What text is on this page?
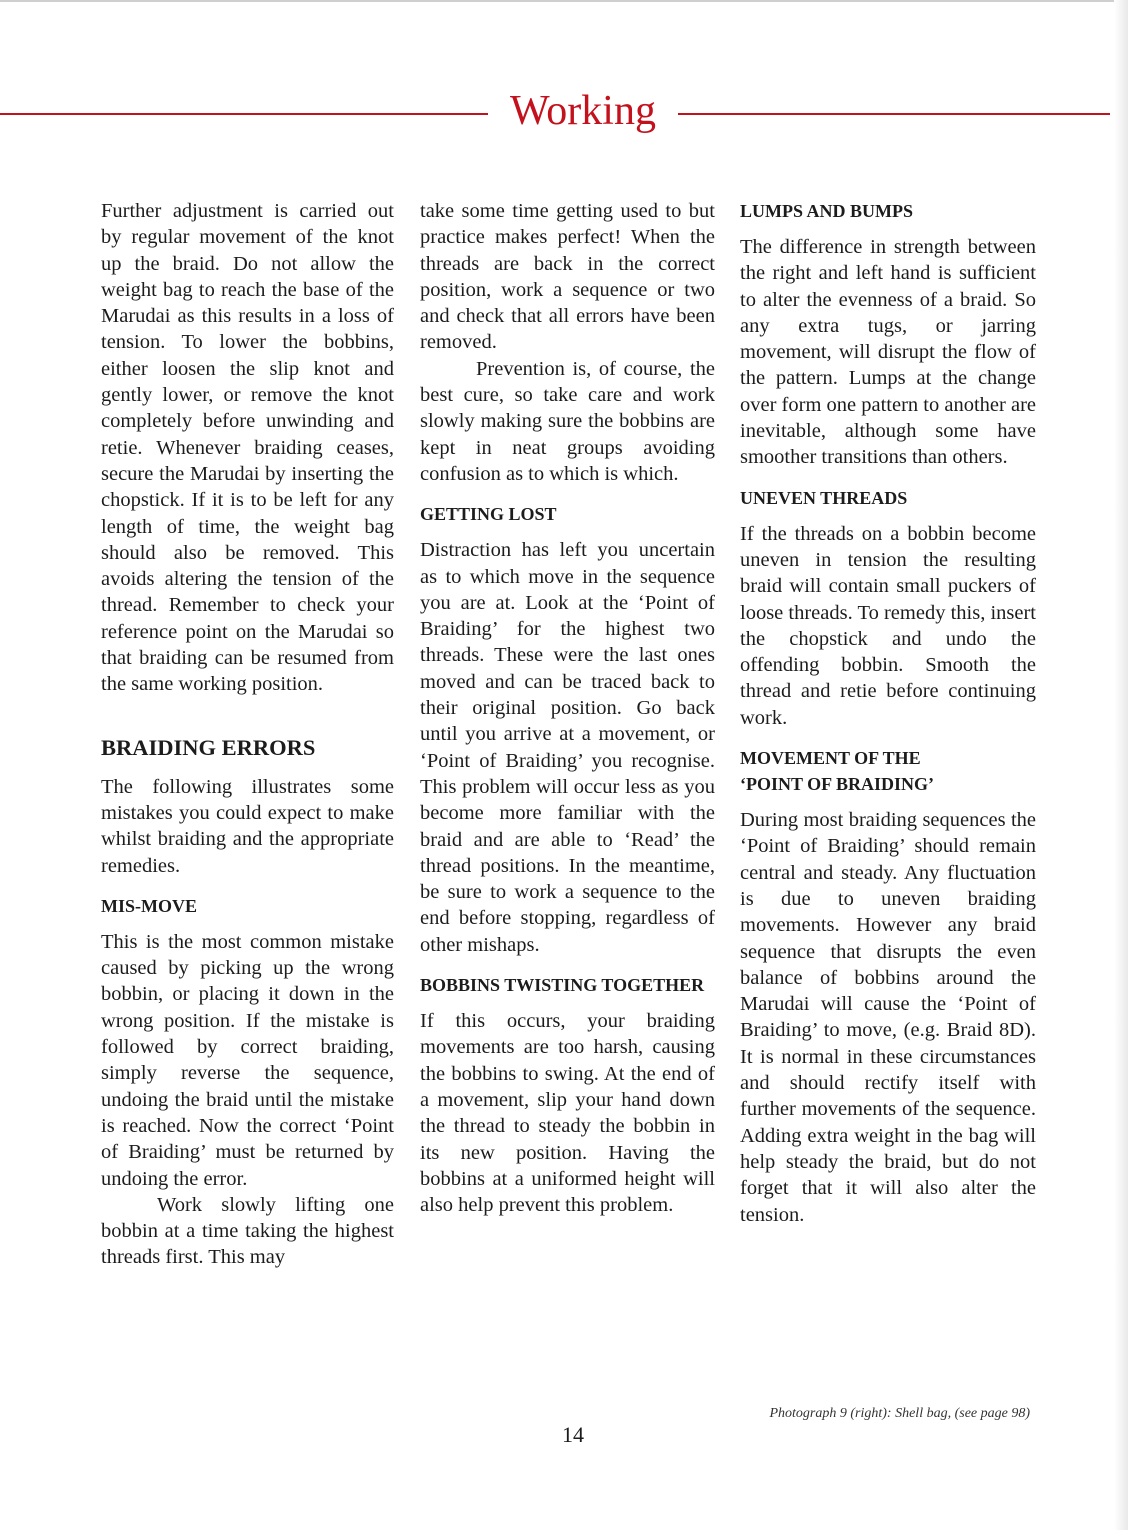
Working

Further adjustment is carried out by regular movement of the knot up the braid. Do not allow the weight bag to reach the base of the Marudai as this results in a loss of tension. To lower the bobbins, either loosen the slip knot and gently lower, or remove the knot completely before unwinding and retie. Whenever braiding ceases, secure the Marudai by inserting the chopstick. If it is to be left for any length of time, the weight bag should also be removed. This avoids altering the tension of the thread. Remember to check your reference point on the Marudai so that braiding can be resumed from the same working position.

BRAIDING ERRORS

The following illustrates some mistakes you could expect to make whilst braiding and the appropriate remedies.

MIS-MOVE

This is the most common mistake caused by picking up the wrong bobbin, or placing it down in the wrong position. If the mistake is followed by correct braiding, simply reverse the sequence, undoing the braid until the mistake is reached. Now the correct ‘Point of Braiding’ must be returned by undoing the error.

Work slowly lifting one bobbin at a time taking the highest threads first. This may

take some time getting used to but practice makes perfect! When the threads are back in the correct position, work a sequence or two and check that all errors have been removed.

Prevention is, of course, the best cure, so take care and work slowly making sure the bobbins are kept in neat groups avoiding confusion as to which is which.

GETTING LOST

Distraction has left you uncertain as to which move in the sequence you are at. Look at the ‘Point of Braiding’ for the highest two threads. These were the last ones moved and can be traced back to their original position. Go back until you arrive at a movement, or ‘Point of Braiding’ you recognise. This problem will occur less as you become more familiar with the braid and are able to ‘Read’ the thread positions. In the meantime, be sure to work a sequence to the end before stopping, regardless of other mishaps.

BOBBINS TWISTING TOGETHER

If this occurs, your braiding movements are too harsh, causing the bobbins to swing. At the end of a movement, slip your hand down the thread to steady the bobbin in its new position. Having the bobbins at a uniformed height will also help prevent this problem.

LUMPS AND BUMPS

The difference in strength between the right and left hand is sufficient to alter the evenness of a braid. So any extra tugs, or jarring movement, will disrupt the flow of the pattern. Lumps at the change over form one pattern to another are inevitable, although some have smoother transitions than others.

UNEVEN THREADS

If the threads on a bobbin become uneven in tension the resulting braid will contain small puckers of loose threads. To remedy this, insert the chopstick and undo the offending bobbin. Smooth the thread and retie before continuing work.

MOVEMENT OF THE
‘POINT OF BRAIDING’

During most braiding sequences the ‘Point of Braiding’ should remain central and steady. Any fluctuation is due to uneven braiding movements. However any braid sequence that disrupts the even balance of bobbins around the Marudai will cause the ‘Point of Braiding’ to move, (e.g. Braid 8D). It is normal in these circumstances and should rectify itself with further movements of the sequence. Adding extra weight in the bag will help steady the braid, but do not forget that it will also alter the tension.

Photograph 9 (right): Shell bag, (see page 98)
14
